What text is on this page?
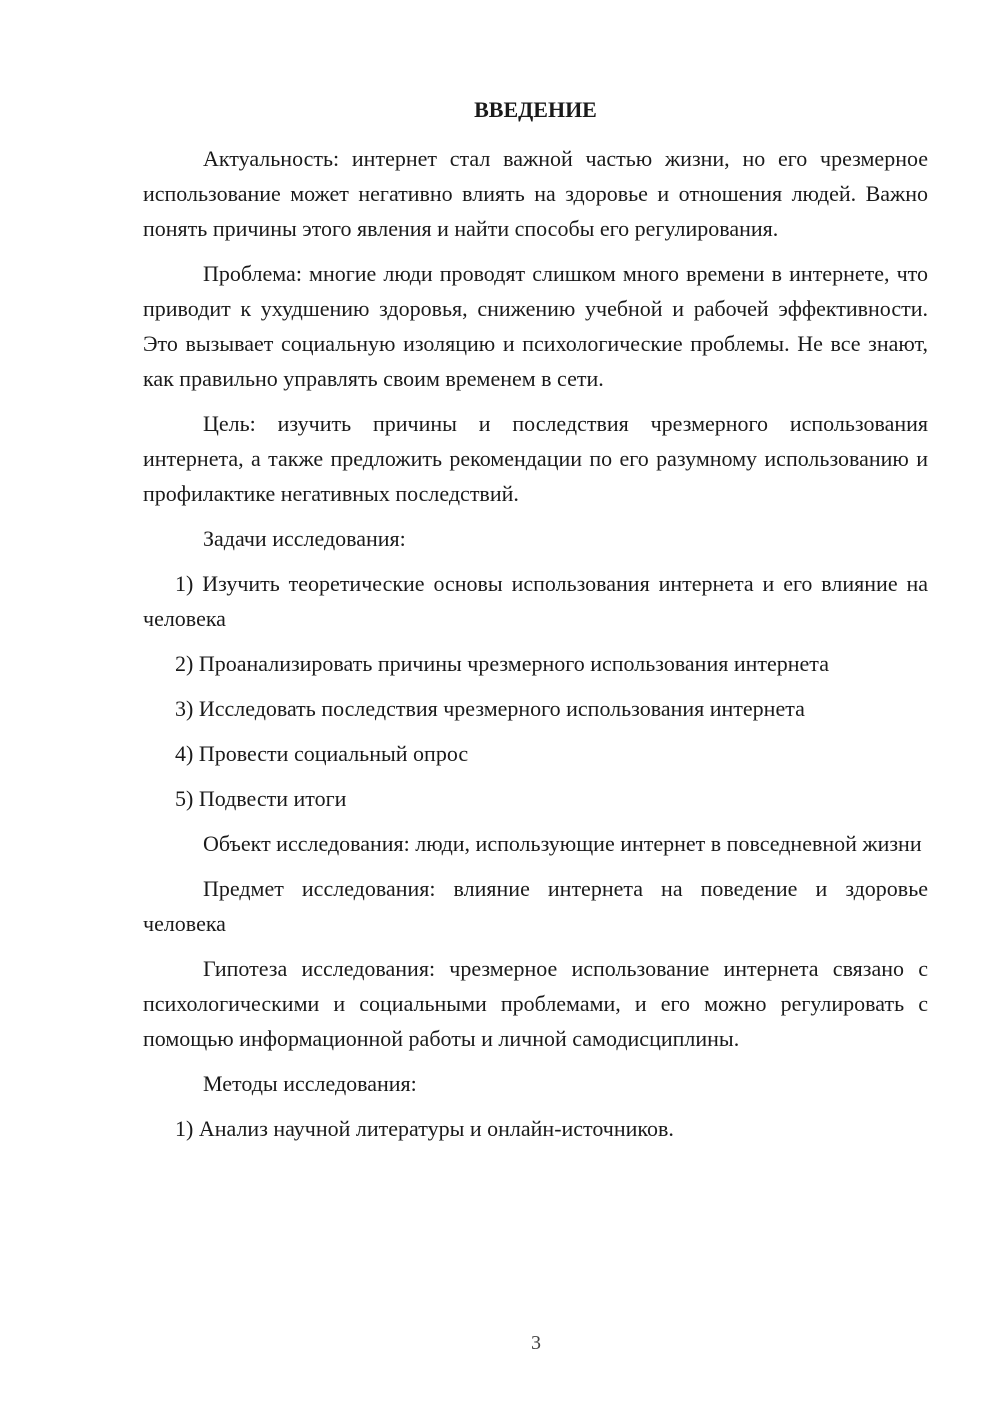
ВВЕДЕНИЕ
Актуальность: интернет стал важной частью жизни, но его чрезмерное использование может негативно влиять на здоровье и отношения людей. Важно понять причины этого явления и найти способы его регулирования.
Проблема: многие люди проводят слишком много времени в интернете, что приводит к ухудшению здоровья, снижению учебной и рабочей эффективности. Это вызывает социальную изоляцию и психологические проблемы. Не все знают, как правильно управлять своим временем в сети.
Цель: изучить причины и последствия чрезмерного использования интернета, а также предложить рекомендации по его разумному использованию и профилактике негативных последствий.
Задачи исследования:
1) Изучить теоретические основы использования интернета и его влияние на человека
2) Проанализировать причины чрезмерного использования интернета
3) Исследовать последствия чрезмерного использования интернета
4) Провести социальный опрос
5) Подвести итоги
Объект исследования: люди, использующие интернет в повседневной жизни
Предмет исследования: влияние интернета на поведение и здоровье человека
Гипотеза исследования: чрезмерное использование интернета связано с психологическими и социальными проблемами, и его можно регулировать с помощью информационной работы и личной самодисциплины.
Методы исследования:
1) Анализ научной литературы и онлайн-источников.
3
